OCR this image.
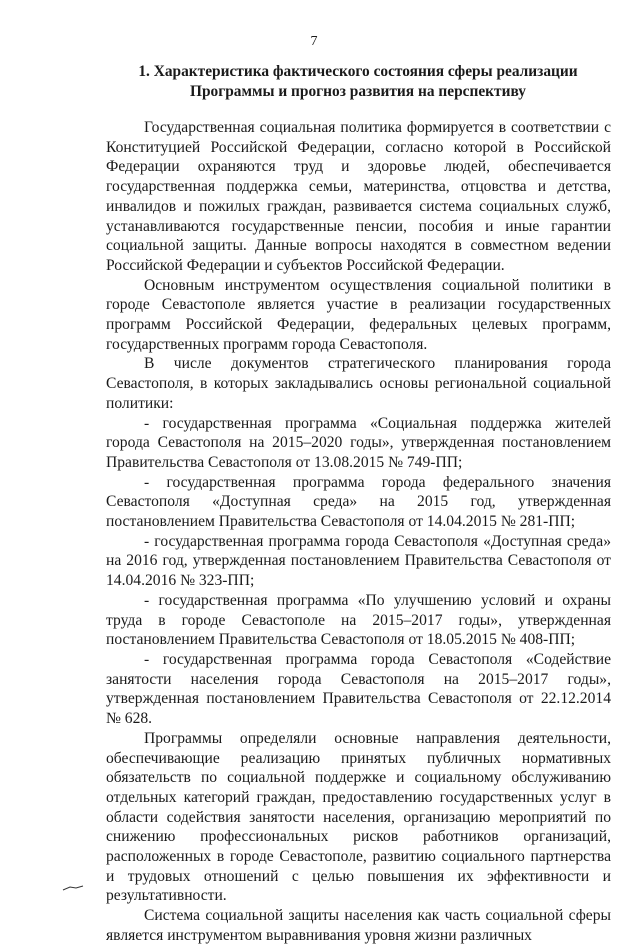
7
1. Характеристика фактического состояния сферы реализации
Программы и прогноз развития на перспективу

Государственная социальная политика формируется в соответствии с Конституцией Российской Федерации, согласно которой в Российской Федерации охраняются труд и здоровье людей, обеспечивается государственная поддержка семьи, материнства, отцовства и детства, инвалидов и пожилых граждан, развивается система социальных служб, устанавливаются государственные пенсии, пособия и иные гарантии социальной защиты. Данные вопросы находятся в совместном ведении Российской Федерации и субъектов Российской Федерации.

Основным инструментом осуществления социальной политики в городе Севастополе является участие в реализации государственных программ Российской Федерации, федеральных целевых программ, государственных программ города Севастополя.

В числе документов стратегического планирования города Севастополя, в которых закладывались основы региональной социальной политики:

- государственная программа «Социальная поддержка жителей города Севастополя на 2015–2020 годы», утвержденная постановлением Правительства Севастополя от 13.08.2015 № 749-ПП;
- государственная программа города федерального значения Севастополя «Доступная среда» на 2015 год, утвержденная постановлением Правительства Севастополя от 14.04.2015 № 281-ПП;
- государственная программа города Севастополя «Доступная среда» на 2016 год, утвержденная постановлением Правительства Севастополя от 14.04.2016 № 323-ПП;
- государственная программа «По улучшению условий и охраны труда в городе Севастополе на 2015–2017 годы», утвержденная постановлением Правительства Севастополя от 18.05.2015 № 408-ПП;
- государственная программа города Севастополя «Содействие занятости населения города Севастополя на 2015–2017 годы», утвержденная постановлением Правительства Севастополя от 22.12.2014 № 628.

Программы определяли основные направления деятельности, обеспечивающие реализацию принятых публичных нормативных обязательств по социальной поддержке и социальному обслуживанию отдельных категорий граждан, предоставлению государственных услуг в области содействия занятости населения, организацию мероприятий по снижению профессиональных рисков работников организаций, расположенных в городе Севастополе, развитию социального партнерства и трудовых отношений с целью повышения их эффективности и результативности.

Система социальной защиты населения как часть социальной сферы является инструментом выравнивания уровня жизни различных
